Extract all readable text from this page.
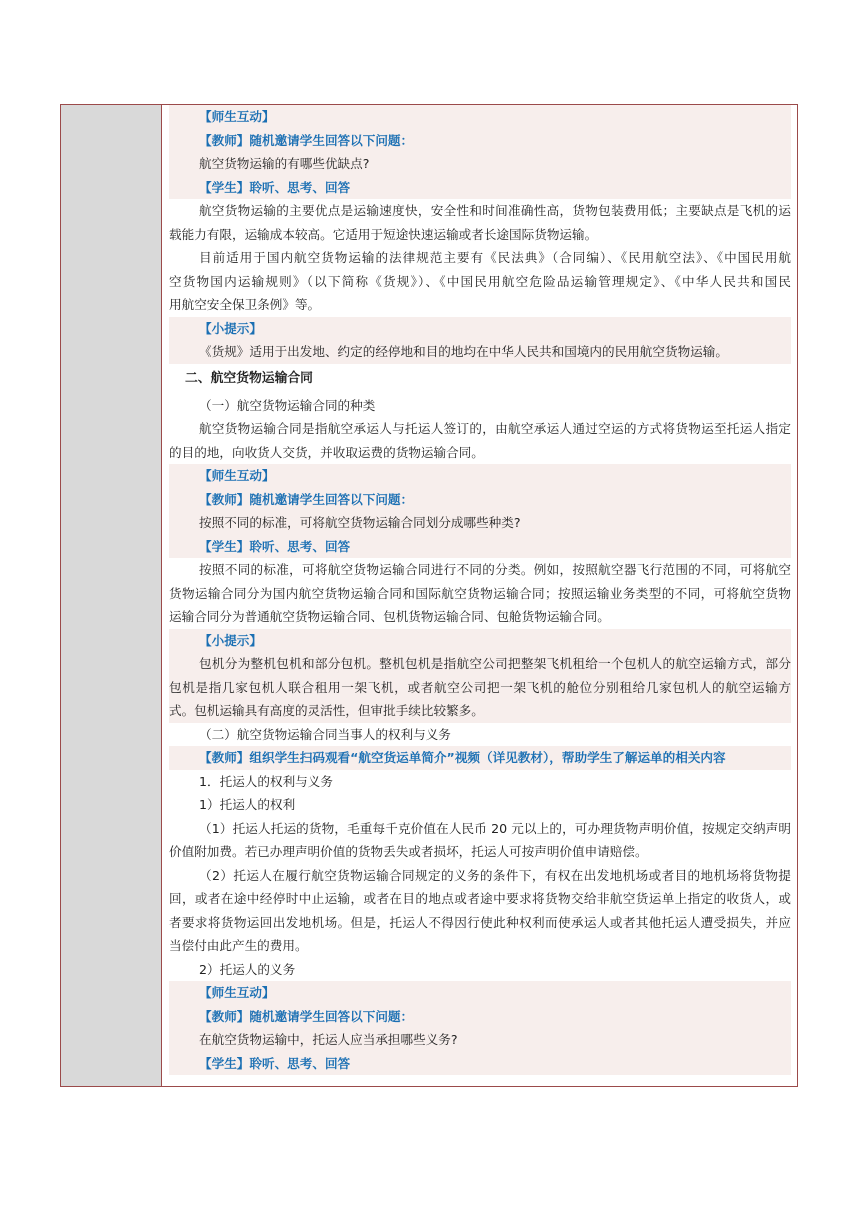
【师生互动】
【教师】随机邀请学生回答以下问题：
航空货物运输的有哪些优缺点?
【学生】聆听、思考、回答
航空货物运输的主要优点是运输速度快，安全性和时间准确性高，货物包装费用低；主要缺点是飞机的运
载能力有限，运输成本较高。它适用于短途快速运输或者长途国际货物运输。
目前适用于国内航空货物运输的法律规范主要有《民法典》（合同编）、《民用航空法》、《中国民用航
空货物国内运输规则》（以下简称《货规》）、《中国民用航空危险品运输管理规定》、《中华人民共和国民
用航空安全保卫条例》等。
【小提示】
《货规》适用于出发地、约定的经停地和目的地均在中华人民共和国境内的民用航空货物运输。
二、航空货物运输合同
（一）航空货物运输合同的种类
航空货物运输合同是指航空承运人与托运人签订的，由航空承运人通过空运的方式将货物运至托运人指定
的目的地，向收货人交货，并收取运费的货物运输合同。
【师生互动】
【教师】随机邀请学生回答以下问题：
按照不同的标准，可将航空货物运输合同划分成哪些种类?
【学生】聆听、思考、回答
按照不同的标准，可将航空货物运输合同进行不同的分类。例如，按照航空器飞行范围的不同，可将航空
货物运输合同分为国内航空货物运输合同和国际航空货物运输合同；按照运输业务类型的不同，可将航空货物
运输合同分为普通航空货物运输合同、包机货物运输合同、包舱货物运输合同。
【小提示】
包机分为整机包机和部分包机。整机包机是指航空公司把整架飞机租给一个包机人的航空运输方式，部分
包机是指几家包机人联合租用一架飞机，或者航空公司把一架飞机的舱位分别租给几家包机人的航空运输方
式。包机运输具有高度的灵活性，但审批手续比较繁多。
（二）航空货物运输合同当事人的权利与义务
【教师】组织学生扫码观看“航空货运单简介”视频（详见教材），帮助学生了解运单的相关内容
1．托运人的权利与义务
1）托运人的权利
（1）托运人托运的货物，毛重每千克价值在人民币 20 元以上的，可办理货物声明价值，按规定交纳声明
价值附加费。若已办理声明价值的货物丢失或者损坏，托运人可按声明价值申请赔偿。
（2）托运人在履行航空货物运输合同规定的义务的条件下，有权在出发地机场或者目的地机场将货物提
回，或者在途中经停时中止运输，或者在目的地点或者途中要求将货物交给非航空货运单上指定的收货人，或
者要求将货物运回出发地机场。但是，托运人不得因行使此种权利而使承运人或者其他托运人遭受损失，并应
当偿付由此产生的费用。
2）托运人的义务
【师生互动】
【教师】随机邀请学生回答以下问题：
在航空货物运输中，托运人应当承担哪些义务?
【学生】聆听、思考、回答
